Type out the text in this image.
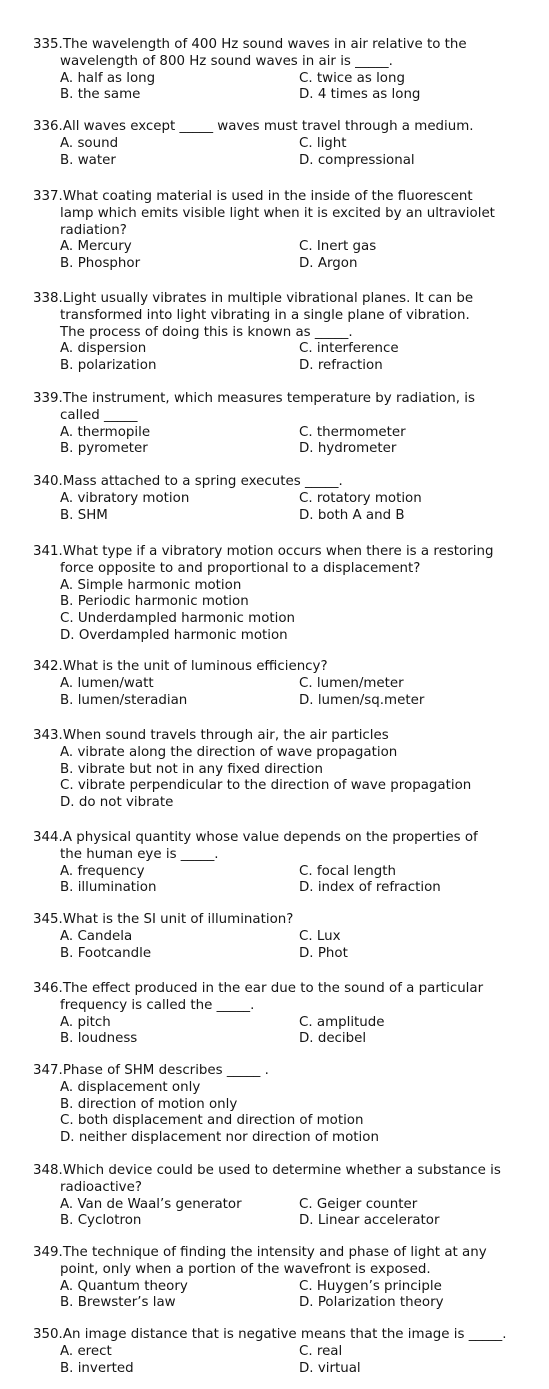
335. The wavelength of 400 Hz sound waves in air relative to the
wavelength of 800 Hz sound waves in air is _____.
A. half as long	C. twice as long
B. the same	D. 4 times as long
336. All waves except _____ waves must travel through a medium.
A. sound	C. light
B. water	D. compressional
337. What coating material is used in the inside of the fluorescent
lamp which emits visible light when it is excited by an ultraviolet
radiation?
A. Mercury	C. Inert gas
B. Phosphor	D. Argon
338. Light usually vibrates in multiple vibrational planes. It can be
transformed into light vibrating in a single plane of vibration.
The process of doing this is known as _____.
A. dispersion	C. interference
B. polarization	D. refraction
339. The instrument, which measures temperature by radiation, is
called _____
A. thermopile	C. thermometer
B. pyrometer	D. hydrometer
340. Mass attached to a spring executes _____.
A. vibratory motion	C. rotatory motion
B. SHM	D. both A and B
341. What type if a vibratory motion occurs when there is a restoring
force opposite to and proportional to a displacement?
A. Simple harmonic motion
B. Periodic harmonic motion
C. Underdampled harmonic motion
D. Overdampled harmonic motion
342. What is the unit of luminous efficiency?
A. lumen/watt	C. lumen/meter
B. lumen/steradian	D. lumen/sq.meter
343. When sound travels through air, the air particles
A. vibrate along the direction of wave propagation
B. vibrate but not in any fixed direction
C. vibrate perpendicular to the direction of wave propagation
D. do not vibrate
344. A physical quantity whose value depends on the properties of
the human eye is _____.
A. frequency	C. focal length
B. illumination	D. index of refraction
345. What is the SI unit of illumination?
A. Candela	C. Lux
B. Footcandle	D. Phot
346. The effect produced in the ear due to the sound of a particular
frequency is called the _____.
A. pitch	C. amplitude
B. loudness	D. decibel
347. Phase of SHM describes _____ .
A. displacement only
B. direction of motion only
C. both displacement and direction of motion
D. neither displacement nor direction of motion
348. Which device could be used to determine whether a substance is
radioactive?
A. Van de Waal’s generator	C. Geiger counter
B. Cyclotron	D. Linear accelerator
349. The technique of finding the intensity and phase of light at any
point, only when a portion of the wavefront is exposed.
A. Quantum theory	C. Huygen’s principle
B. Brewster’s law	D. Polarization theory
350. An image distance that is negative means that the image is _____.
A. erect	C. real
B. inverted	D. virtual
